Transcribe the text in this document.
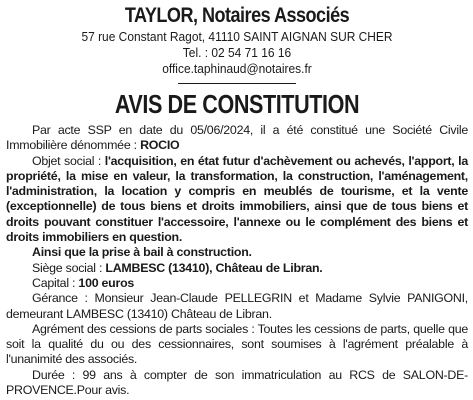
TAYLOR, Notaires Associés
57 rue Constant Ragot, 41110 SAINT AIGNAN SUR CHER
Tel. : 02 54 71 16 16
office.taphinaud@notaires.fr
AVIS DE CONSTITUTION
Par acte SSP en date du 05/06/2024, il a été constitué une Société Civile Immobilière dénommée : ROCIO
Objet social : l'acquisition, en état futur d'achèvement ou achevés, l'apport, la propriété, la mise en valeur, la transformation, la construction, l'aménagement, l'administration, la location y compris en meublés de tourisme, et la vente (exceptionnelle) de tous biens et droits immobiliers, ainsi que de tous biens et droits pouvant constituer l'accessoire, l'annexe ou le complément des biens et droits immobiliers en question.
Ainsi que la prise à bail à construction.
Siège social : LAMBESC (13410), Château de Libran.
Capital : 100 euros
Gérance : Monsieur Jean-Claude PELLEGRIN et Madame Sylvie PANIGONI, demeurant LAMBESC (13410) Château de Libran.
Agrément des cessions de parts sociales : Toutes les cessions de parts, quelle que soit la qualité du ou des cessionnaires, sont soumises à l'agrément préalable à l'unanimité des associés.
Durée : 99 ans à compter de son immatriculation au RCS de SALON-DE-PROVENCE.Pour avis.
